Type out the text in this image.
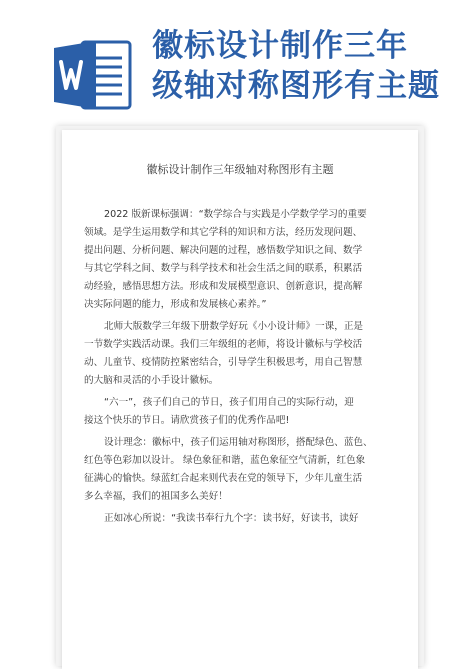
徽标设计制作三年
级轴对称图形有主题
徽标设计制作三年级轴对称图形有主题

2022 版新课标强调：“数学综合与实践是小学数学学习的重要
领域。是学生运用数学和其它学科的知识和方法，经历发现问题、
提出问题、分析问题、解决问题的过程，感悟数学知识之间、数学
与其它学科之间、数学与科学技术和社会生活之间的联系，积累活
动经验，感悟思想方法。形成和发展模型意识、创新意识，提高解
决实际问题的能力，形成和发展核心素养。”

北师大版数学三年级下册数学好玩《小小设计师》一课，正是
一节数学实践活动课。我们三年级组的老师，将设计徽标与学校活
动、儿童节、疫情防控紧密结合，引导学生积极思考，用自己智慧
的大脑和灵活的小手设计徽标。

“六一”，孩子们自己的节日，孩子们用自己的实际行动，迎
接这个快乐的节日。请欣赏孩子们的优秀作品吧!

设计理念：徽标中，孩子们运用轴对称图形，搭配绿色、蓝色、
红色等色彩加以设计。 绿色象征和谐，蓝色象征空气清新，红色象
征满心的愉快。绿蓝红合起来则代表在党的领导下，少年儿童生活
多么幸福，我们的祖国多么美好！

正如冰心所说：“我读书奉行九个字：读书好，好读书，读好
